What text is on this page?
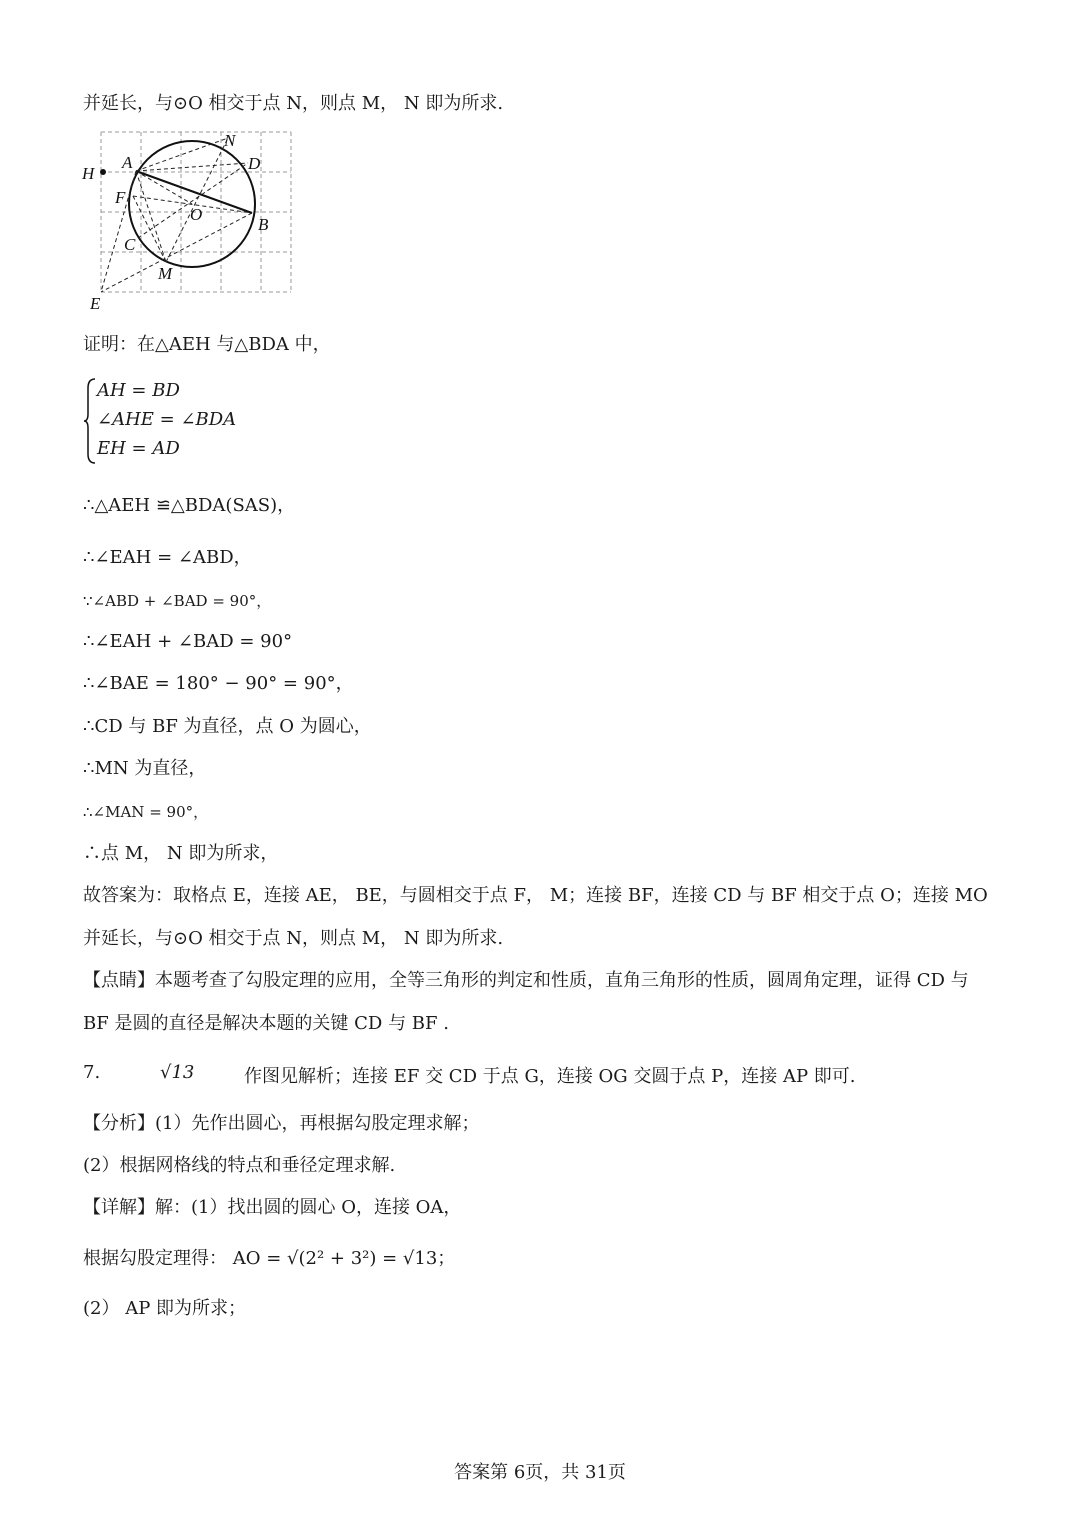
并延长，与⊙O 相交于点 N，则点 M， N 即为所求.
H
A
N
D
F
O
B
C
M
E
证明：在△AEH 与△BDA 中，
AH = BD
∠AHE = ∠BDA
EH = AD
∴△AEH ≌△BDA(SAS)，
∴∠EAH = ∠ABD，
∵∠ABD + ∠BAD = 90°，
∴∠EAH + ∠BAD = 90°
∴∠BAE = 180° − 90° = 90°，
∴CD 与 BF 为直径，点 O 为圆心，
∴MN 为直径，
∴∠MAN = 90°，
∴点 M， N 即为所求，
故答案为：取格点 E，连接 AE， BE，与圆相交于点 F， M；连接 BF，连接 CD 与 BF 相交于点 O；连接 MO
并延长，与⊙O 相交于点 N，则点 M， N 即为所求.
【点睛】本题考查了勾股定理的应用，全等三角形的判定和性质，直角三角形的性质，圆周角定理，证得 CD 与
BF 是圆的直径是解决本题的关键 CD 与 BF .
7.	√13	作图见解析；连接 EF 交 CD 于点 G，连接 OG 交圆于点 P，连接 AP 即可.
【分析】(1）先作出圆心，再根据勾股定理求解；
(2）根据网格线的特点和垂径定理求解.
【详解】解：(1）找出圆的圆心 O，连接 OA，
根据勾股定理得： AO = √(2² + 3²) = √13；
(2） AP 即为所求；
答案第 6页，共 31页
